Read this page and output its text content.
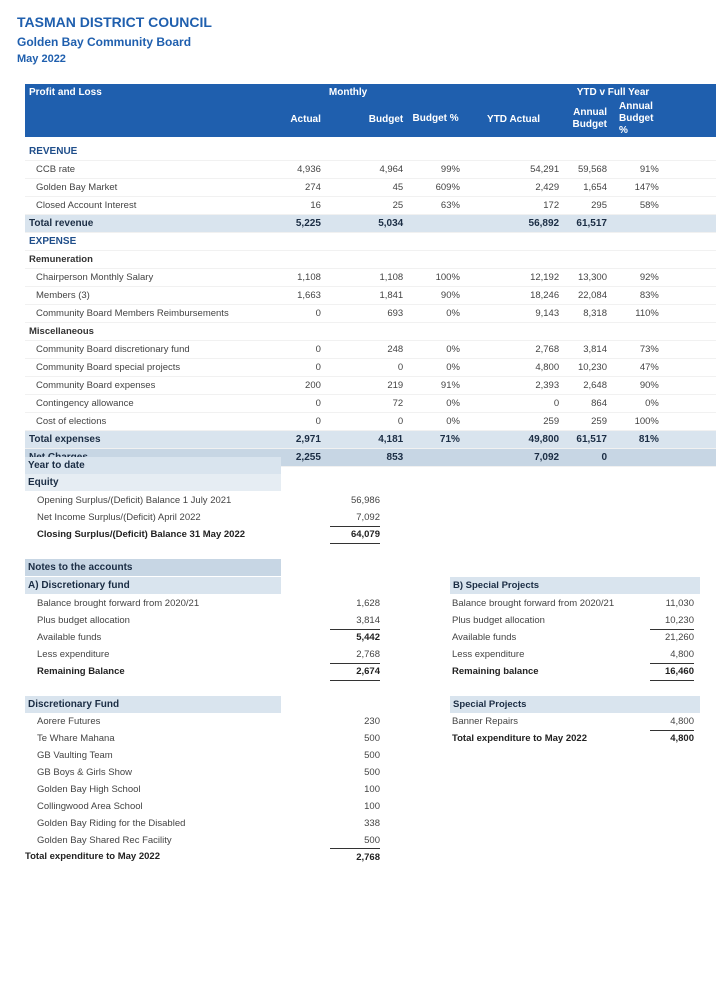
TASMAN DISTRICT COUNCIL
Golden Bay Community Board
May 2022
Profit and Loss		Monthly			YTD v Full Year		
	Actual	Budget	Budget %	YTD Actual	Annual Budget	Annual Budget %	

REVENUE							
CCB rate	4,936	4,964	99%	54,291	59,568	91%	
Golden Bay Market	274	45	609%	2,429	1,654	147%	
Closed Account Interest	16	25	63%	172	295	58%	
Total revenue	5,225	5,034		56,892	61,517		
EXPENSE							
Remuneration							
Chairperson Monthly Salary	1,108	1,108	100%	12,192	13,300	92%	
Members (3)	1,663	1,841	90%	18,246	22,084	83%	
Community Board Members Reimbursements	0	693	0%	9,143	8,318	110%	
Miscellaneous							
Community Board discretionary fund	0	248	0%	2,768	3,814	73%	
Community Board special projects	0	0	0%	4,800	10,230	47%	
Community Board expenses	200	219	91%	2,393	2,648	90%	
Contingency allowance	0	72	0%	0	864	0%	
Cost of elections	0	0	0%	259	259	100%	
Total expenses	2,971	4,181	71%	49,800	61,517	81%	
	2,255	853		7,092	0		
Year to date
Equity
Opening Surplus/(Deficit) Balance 1 July 2021	56,986
Net Income Surplus/(Deficit) April 2022	7,092
Closing Surplus/(Deficit) Balance 31 May 2022	64,079
Notes to the accounts
A) Discretionary fund
Balance brought forward from 2020/21	1,628
Plus budget allocation	3,814
Available funds	5,442
Less expenditure	2,768
Remaining Balance	2,674
B) Special Projects
Balance brought forward from 2020/21	11,030
Plus budget allocation	10,230
Available funds	21,260
Less expenditure	4,800
Remaining balance	16,460
Discretionary Fund
Aorere Futures	230
Te Whare Mahana	500
GB Vaulting Team	500
GB Boys & Girls Show	500
Golden Bay High School	100
Collingwood Area School	100
Golden Bay Riding for the Disabled	338
Golden Bay Shared Rec Facility	500
Total expenditure to May 2022	2,768
Special Projects
Banner Repairs	4,800
Total expenditure to May 2022	4,800
